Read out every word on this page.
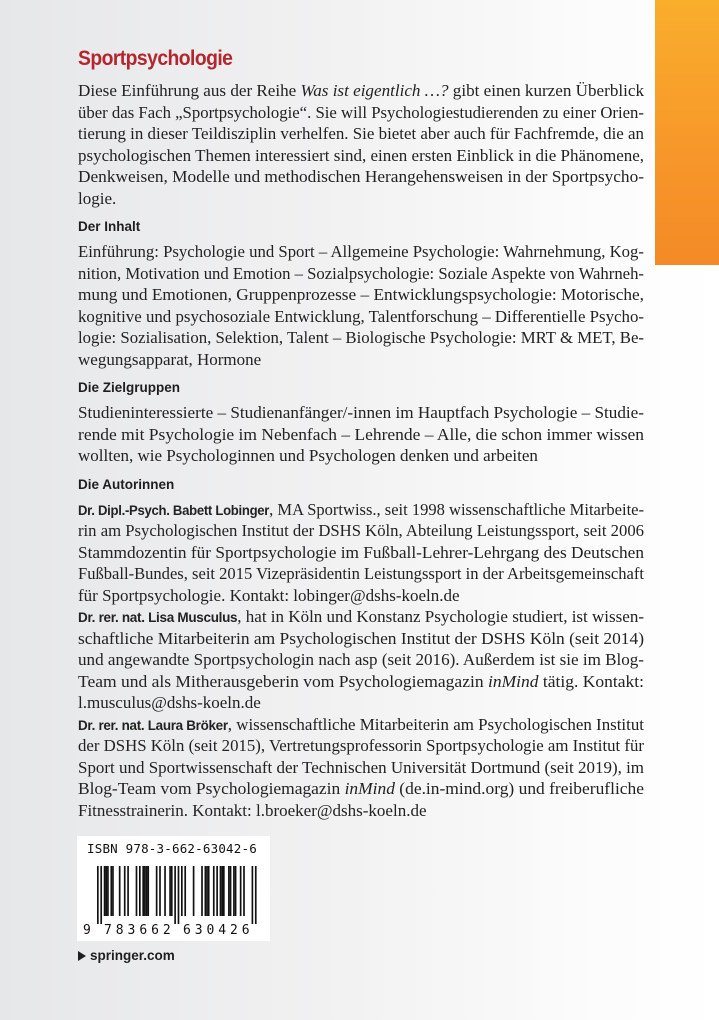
Sportpsychologie
Diese Einführung aus der Reihe Was ist eigentlich …? gibt einen kurzen Überblick
über das Fach „Sportpsychologie“. Sie will Psychologiestudierenden zu einer Orien-
tierung in dieser Teildisziplin verhelfen. Sie bietet aber auch für Fachfremde, die an
psychologischen Themen interessiert sind, einen ersten Einblick in die Phänomene,
Denkweisen, Modelle und methodischen Herangehensweisen in der Sportpsycho-
logie.
Der Inhalt
Einführung: Psychologie und Sport – Allgemeine Psychologie: Wahrnehmung, Kog-
nition, Motivation und Emotion – Sozialpsychologie: Soziale Aspekte von Wahrneh-
mung und Emotionen, Gruppenprozesse – Entwicklungspsychologie: Motorische,
kognitive und psychosoziale Entwicklung, Talentforschung – Differentielle Psycho-
logie: Sozialisation, Selektion, Talent – Biologische Psychologie: MRT & MET, Be-
wegungsapparat, Hormone
Die Zielgruppen
Studieninteressierte – Studienanfänger/-innen im Hauptfach Psychologie – Studie-
rende mit Psychologie im Nebenfach – Lehrende – Alle, die schon immer wissen
wollten, wie Psychologinnen und Psychologen denken und arbeiten
Die Autorinnen
Dr. Dipl.-Psych. Babett Lobinger, MA Sportwiss., seit 1998 wissenschaftliche Mitarbeite-
rin am Psychologischen Institut der DSHS Köln, Abteilung Leistungssport, seit 2006
Stammdozentin für Sportpsychologie im Fußball-Lehrer-Lehrgang des Deutschen
Fußball-Bundes, seit 2015 Vizepräsidentin Leistungssport in der Arbeitsgemeinschaft
für Sportpsychologie. Kontakt: lobinger@dshs-koeln.de
Dr. rer. nat. Lisa Musculus, hat in Köln und Konstanz Psychologie studiert, ist wissen-
schaftliche Mitarbeiterin am Psychologischen Institut der DSHS Köln (seit 2014)
und angewandte Sportpsychologin nach asp (seit 2016). Außerdem ist sie im Blog-
Team und als Mitherausgeberin vom Psychologiemagazin inMind tätig. Kontakt:
l.musculus@dshs-koeln.de
Dr. rer. nat. Laura Bröker, wissenschaftliche Mitarbeiterin am Psychologischen Institut
der DSHS Köln (seit 2015), Vertretungsprofessorin Sportpsychologie am Institut für
Sport und Sportwissenschaft der Technischen Universität Dortmund (seit 2019), im
Blog-Team vom Psychologiemagazin inMind (de.in-mind.org) und freiberufliche
Fitnesstrainerin. Kontakt: l.broeker@dshs-koeln.de
ISBN 978-3-662-63042-6
9 7 8 3 6 6 2 6 3 0 4 2 6
springer.com
